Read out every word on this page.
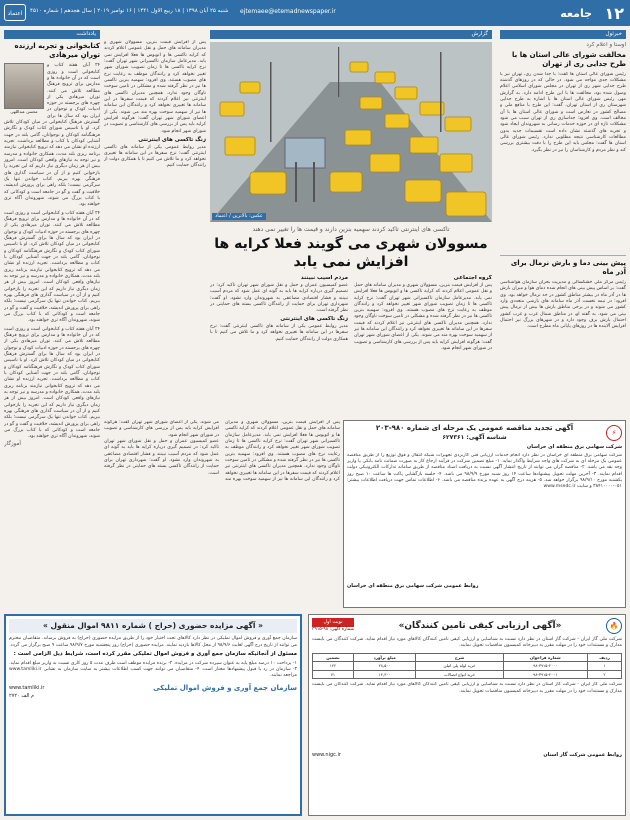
۱۲
جامعه
ejtemaee@etemadnewspaper.ir
شنبه ۲۵ آبان ۱۳۹۸ | ۱۸ ربیع الاول ۱۴۴۱ | ۱۶ نوامبر ۲۰۱۹ | سال هجدهم | شماره ۴۵۱۰
اعتماد
خبرئول
اوستا و اعلام کرد
مخالفت شورای عالی استان ها با طرح جدایی ری از تهران
رئیس شورای عالی استان ها گفت: با جدا شدن ری، تهران نیز با مشکلات جدی مواجه می شود. در حالی که در روزهای گذشته طرح جدایی شهر ری از تهران در مجلس شورای اسلامی اعلام وصول شده بود، مخالفت ها با این طرح ادامه دارد. به گزارش مهر، رئیس شورای عالی استان ها با اشاره به طرح جدایی شهرستان ری از استان تهران، گفت: این طرح با منافع ملی و مصالح کشور در تعارض است و شورای عالی استان ها با آن مخالف است. وی افزود: جداسازی ری از تهران سبب می شود مشکلات تازه ای در حوزه خدمات رسانی به شهروندان ایجاد شود و تجربه های گذشته نشان داده است تقسیمات جدید بدون مطالعات کارشناسی نتیجه مطلوبی ندارد. رئیس شورای عالی استان ها گفت: مجلس باید این طرح را با دقت بیشتری بررسی کند و نظر مردم و کارشناسان را نیز در نظر بگیرد.
پیش بینی دما و بارش نرمال برای آذر ماه
رئیس مرکز ملی خشکسالی و مدیریت بحران سازمان هواشناسی گفت: بر اساس پیش بینی های انجام شده دمای هوا و میزان بارش ها در آذر ماه در بیشتر مناطق کشور در حد نرمال خواهد بود. وی افزود: در نیمه نخست آذر ماه سامانه های بارشی متعددی وارد کشور می شوند و در برخی مناطق بارش ها بیش از نرمال پیش بینی می شود. به گفته او، در مناطق شمال غرب و غرب کشور احتمال بارش برف وجود دارد و در شهرهای بزرگ نیز احتمال افزایش آلاینده ها در روزهای پایانی ماه مطرح است.
گزارش
عکس: بالاترین / اعتماد
تاکسی های اینترنتی تاکید کردند سهمیه بنزین دارند و قیمت ها را تغییر نمی دهند
مسوولان شهری می گویند فعلا کرایه ها افزایش نمی یابد
گروه اجتماعی
پس از افزایش قیمت بنزین، مسوولان شهری و مدیران سامانه های حمل و نقل عمومی اعلام کردند که کرایه تاکسی ها و اتوبوس ها فعلا افزایش نمی یابد. مدیرعامل سازمان تاکسیرانی شهر تهران گفت: نرخ کرایه تاکسی ها تا زمان تصویب شورای شهر تغییر نخواهد کرد و رانندگان موظف به رعایت نرخ های مصوب هستند. وی افزود: سهمیه بنزین تاکسی ها نیز در نظر گرفته شده و مشکلی در تامین سوخت ناوگان وجود ندارد. همچنین مدیران تاکسی های اینترنتی نیز اعلام کردند که قیمت سفرها در این سامانه ها تغییری نخواهد کرد و رانندگان این سامانه ها نیز از سهمیه سوخت بهره مند می شوند. یکی از اعضای شورای شهر تهران گفت: هرگونه افزایش کرایه باید پس از بررسی های کارشناسی و تصویب در شورای شهر انجام شود.
مردم آسیب نبینند
عضو کمیسیون عمران و حمل و نقل شورای شهر تهران تاکید کرد: در تصمیم گیری درباره کرایه ها باید به گونه ای عمل شود که مردم آسیب نبینند و فشار اقتصادی مضاعفی به شهروندان وارد نشود. او گفت: شهرداری تهران برای حمایت از رانندگان تاکسی بسته های حمایتی در نظر گرفته است.
زنگ تاکسی های اینترنتی
مدیر روابط عمومی یکی از سامانه های تاکسی اینترنتی گفت: نرخ سفرها در این سامانه ها تغییری نخواهد کرد و ما تلاش می کنیم تا با همکاری دولت از رانندگان حمایت کنیم.
پس از افزایش قیمت بنزین، مسوولان شهری و مدیران سامانه های حمل و نقل عمومی اعلام کردند که کرایه تاکسی ها و اتوبوس ها فعلا افزایش نمی یابد. مدیرعامل سازمان تاکسیرانی شهر تهران گفت: نرخ کرایه تاکسی ها تا زمان تصویب شورای شهر تغییر نخواهد کرد و رانندگان موظف به رعایت نرخ های مصوب هستند. وی افزود: سهمیه بنزین تاکسی ها نیز در نظر گرفته شده و مشکلی در تامین سوخت ناوگان وجود ندارد. همچنین مدیران تاکسی های اینترنتی نیز اعلام کردند که قیمت سفرها در این سامانه ها تغییری نخواهد کرد و رانندگان این سامانه ها نیز از سهمیه سوخت بهره مند می شوند. یکی از اعضای شورای شهر تهران گفت: هرگونه افزایش کرایه باید پس از بررسی های کارشناسی و تصویب در شورای شهر انجام شود.
زنگ تاکسی های اینترنتی
مدیر روابط عمومی یکی از سامانه های تاکسی اینترنتی گفت: نرخ سفرها در این سامانه ها تغییری نخواهد کرد و ما تلاش می کنیم تا با همکاری دولت از رانندگان حمایت کنیم.
یادداشت
کتابخوانی و تجربه ارزنده تورانِ میرهادی
محسن عبداللهی
۲۴ آبان هفته کتاب و کتابخوانی است و روزی است که در آن خانواده ها و مدارس برای ترویج فرهنگ مطالعه تلاش می کنند. توران میرهادی یکی از چهره های برجسته در حوزه ادبیات کودک و نوجوان در ایران بود که سال ها برای گسترش فرهنگ کتابخوانی در میان کودکان تلاش کرد. او با تاسیس شورای کتاب کودک و نگارش فرهنگنامه کودکان و نوجوانان، گامی بلند در جهت آشنایی کودکان با کتاب و مطالعه برداشت. تجربه ارزنده او نشان می دهد که ترویج کتابخوانی نیازمند برنامه ریزی بلند مدت، همکاری خانواده و مدرسه و نیز توجه به نیازهای واقعی کودکان است. امروز بیش از هر زمان دیگری نیاز داریم که این تجربه را بازخوانی کنیم و از آن در سیاست گذاری های فرهنگی بهره ببریم. کتاب خواندن تنها یک سرگرمی نیست؛ بلکه راهی برای پرورش اندیشه، خلاقیت و گفت و گو در جامعه است و کودکانی که با کتاب بزرگ می شوند، شهروندان آگاه تری خواهند بود.
۲۴ آبان هفته کتاب و کتابخوانی است و روزی است که در آن خانواده ها و مدارس برای ترویج فرهنگ مطالعه تلاش می کنند. توران میرهادی یکی از چهره های برجسته در حوزه ادبیات کودک و نوجوان در ایران بود که سال ها برای گسترش فرهنگ کتابخوانی در میان کودکان تلاش کرد. او با تاسیس شورای کتاب کودک و نگارش فرهنگنامه کودکان و نوجوانان، گامی بلند در جهت آشنایی کودکان با کتاب و مطالعه برداشت. تجربه ارزنده او نشان می دهد که ترویج کتابخوانی نیازمند برنامه ریزی بلند مدت، همکاری خانواده و مدرسه و نیز توجه به نیازهای واقعی کودکان است. امروز بیش از هر زمان دیگری نیاز داریم که این تجربه را بازخوانی کنیم و از آن در سیاست گذاری های فرهنگی بهره ببریم. کتاب خواندن تنها یک سرگرمی نیست؛ بلکه راهی برای پرورش اندیشه، خلاقیت و گفت و گو در جامعه است و کودکانی که با کتاب بزرگ می شوند، شهروندان آگاه تری خواهند بود.
۲۴ آبان هفته کتاب و کتابخوانی است و روزی است که در آن خانواده ها و مدارس برای ترویج فرهنگ مطالعه تلاش می کنند. توران میرهادی یکی از چهره های برجسته در حوزه ادبیات کودک و نوجوان در ایران بود که سال ها برای گسترش فرهنگ کتابخوانی در میان کودکان تلاش کرد. او با تاسیس شورای کتاب کودک و نگارش فرهنگنامه کودکان و نوجوانان، گامی بلند در جهت آشنایی کودکان با کتاب و مطالعه برداشت. تجربه ارزنده او نشان می دهد که ترویج کتابخوانی نیازمند برنامه ریزی بلند مدت، همکاری خانواده و مدرسه و نیز توجه به نیازهای واقعی کودکان است. امروز بیش از هر زمان دیگری نیاز داریم که این تجربه را بازخوانی کنیم و از آن در سیاست گذاری های فرهنگی بهره ببریم. کتاب خواندن تنها یک سرگرمی نیست؛ بلکه راهی برای پرورش اندیشه، خلاقیت و گفت و گو در جامعه است و کودکانی که با کتاب بزرگ می شوند، شهروندان آگاه تری خواهند بود.
آموزگار
⚡
آگهی تجدید مناقصه عمومی یک مرحله ای شماره ۹۸۰-۲۰۳
شناسه آگهی: ۶۲۷۳۶۱
شرکت سهامی برق منطقه ای خراسان
شرکت سهامی برق منطقه ای خراسان در نظر دارد انجام خدمات ارزیابی فنی کاربردی تجهیزات شبکه انتقال و فوق توزیع را از طریق مناقصه عمومی یک مرحله ای به شرکت های واجد شرایط واگذار نماید. ۱- مبلغ تضمین شرکت در فرآیند ارجاع کار به صورت ضمانت نامه بانکی یا واریز وجه نقد می باشد. ۲- مناقصه گران می توانند از تاریخ انتشار آگهی نسبت به دریافت اسناد مناقصه از طریق سامانه تدارکات الکترونیکی دولت اقدام نمایند. ۳- آخرین مهلت تحویل پیشنهادها ساعت ۱۴ روز شنبه مورخ ۹۸/۹/۹ می باشد. ۴- جلسه بازگشایی پاکت ها ساعت ۱۰ صبح روز یکشنبه مورخ ۹۸/۹/۱۰ برگزار خواهد شد. ۵- هزینه درج آگهی به عهده برنده مناقصه می باشد. ۶- اطلاعات تماس جهت دریافت اطلاعات بیشتر: ۰۵۱-۳۸۴۱۰۰۰۰ و سایت www.msedc.ir
روابط عمومی شرکت سهامی برق منطقه ای خراسان
پس از افزایش قیمت بنزین، مسوولان شهری و مدیران سامانه های حمل و نقل عمومی اعلام کردند که کرایه تاکسی ها و اتوبوس ها فعلا افزایش نمی یابد. مدیرعامل سازمان تاکسیرانی شهر تهران گفت: نرخ کرایه تاکسی ها تا زمان تصویب شورای شهر تغییر نخواهد کرد و رانندگان موظف به رعایت نرخ های مصوب هستند. وی افزود: سهمیه بنزین تاکسی ها نیز در نظر گرفته شده و مشکلی در تامین سوخت ناوگان وجود ندارد. همچنین مدیران تاکسی های اینترنتی نیز اعلام کردند که قیمت سفرها در این سامانه ها تغییری نخواهد کرد و رانندگان این سامانه ها نیز از سهمیه سوخت بهره مند می شوند. یکی از اعضای شورای شهر تهران گفت: هرگونه افزایش کرایه باید پس از بررسی های کارشناسی و تصویب در شورای شهر انجام شود.
عضو کمیسیون عمران و حمل و نقل شورای شهر تهران تاکید کرد: در تصمیم گیری درباره کرایه ها باید به گونه ای عمل شود که مردم آسیب نبینند و فشار اقتصادی مضاعفی به شهروندان وارد نشود. او گفت: شهرداری تهران برای حمایت از رانندگان تاکسی بسته های حمایتی در نظر گرفته است.
« آگهی مزایده حضوری (حراج ) شماره ۹۸۱۱ اموال منقول »
سازمان جمع آوری و فروش اموال تملیکی در نظر دارد کالاهای تحت اختیار خود را از طریق مزایده حضوری (حراج) به فروش برساند. متقاضیان محترم می توانند از تاریخ درج آگهی لغایت ۹۸/۹/۶ از محل کالاها بازدید نمایند. مزایده حضوری (حراج) روز پنجشنبه مورخ ۹۸/۹/۷ ساعت ۹ صبح برگزار می گردد.
مسئول از آنجائیکه سازمان جمع آوری و فروش اموال تملیکی مقرر کرده است، شرایط ذیل الزامی است :
۱- پرداخت ۱۰ درصد مبلغ پایه به عنوان سپرده شرکت در مزایده. ۲- برنده مزایده موظف است ظرف مدت ۵ روز کاری نسبت به واریز مبلغ اقدام نماید. ۳- سازمان در رد یا قبول پیشنهادها مختار است. ۴- متقاضیان می توانند جهت کسب اطلاعات بیشتر به سایت سازمان به نشانی www.tamliki.ir مراجعه نمایند.
سازمان جمع آوری و فروش اموال تملیکی
www.tamliki.ir
م الف ۲۷۲۰
🔥
«آگهی ارزیابی کیفی تامین کنندگان»
نوبت اول
شماره آگهی: ۹۸-۳۹۱۵
شرکت ملی گاز ایران - شرکت گاز استان در نظر دارد نسبت به شناسایی و ارزیابی کیفی تامین کنندگان کالاهای مورد نیاز اقدام نماید. شرکت کنندگان می بایست مدارک و مستندات خود را در مهلت مقرر به دبیرخانه کمیسیون مناقصات تحویل نمایند.
ردیف	شماره فراخوان	شرح	مبلغ برآورد	تضمین
۱	۹۸-۳۹۱۵-۲۰۰۰	خرید لوله پلی اتیلن	۲۸,۵۰۰	۱۴۲
۲	۹۸-۳۹۱۵-۲۰۰۱	خرید انواع اتصالات	۱۴,۳۰۰	۷۱
شرکت ملی گاز ایران - شرکت گاز استان در نظر دارد نسبت به شناسایی و ارزیابی کیفی تامین کنندگان کالاهای مورد نیاز اقدام نماید. شرکت کنندگان می بایست مدارک و مستندات خود را در مهلت مقرر به دبیرخانه کمیسیون مناقصات تحویل نمایند.
روابط عمومی شرکت گاز استان
www.nigc.ir
